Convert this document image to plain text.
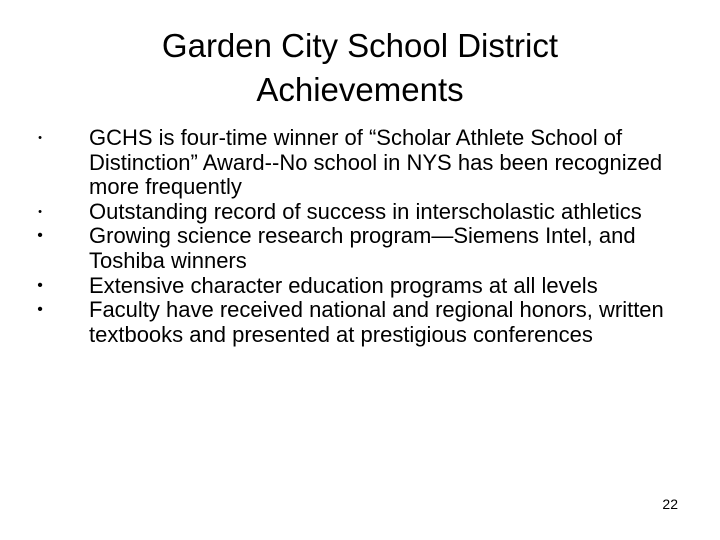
Garden City School District
Achievements
•	GCHS is four-time winner of “Scholar Athlete School of Distinction” Award--No school in NYS has been recognized more frequently
•	Outstanding record of success in interscholastic athletics
•	Growing science research program—Siemens Intel, and Toshiba winners
•	Extensive character education programs at all levels
•	Faculty have received national and regional honors, written textbooks and presented at prestigious conferences
22
